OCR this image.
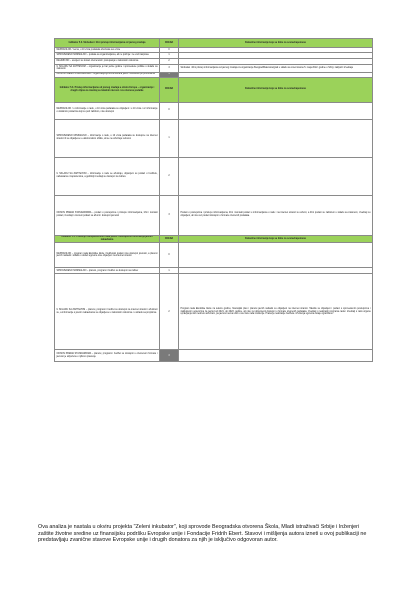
Indikator 5.3. Sloboden i lični pristup informacijama od javnog značaja	OCENA	Dokazi/ne informacije koje su bitne za ocenu/napomene
NEPRAVILNO / nema, u 10 vrsta podataka obuhvata sve vrste	0	
SPROVEDENO MINIMALNO – poslata sa organizacijama, ali ne počinje i ne vodi rasprave	1	
DELIMIČNO – usvojeni su koraci otvorenosti i postupanja u zakonskim rokovima	2	
U SKLADU SA ZAHTEVOM – organizacije je bar jedne godine i sprovedene politike u skladu sa zakonom	3	Slobodan i lični pristup informacijama od javnog značaja za organizacije Beograd/Rakovica/grad u skladu sa smernicama 5. maja 2022. godine u Srbiji, zaključci izveštaja
ODNOS PREMA STANDARDIMA – organizacija je komunicirana javno i slobodna po procenama	4	
Indikator 5.3. Pristup informacijama od javnog značaja u okviru Evrope – organizacije i drugih ciljeva za izveštaj sa lokalnim nivoom i za otvorene podatke	OCENA	Dokazi/ne informacije koje su bitne za ocenu/napomene
NEPRAVILNO / u informacije o radu, u 10 vrsta podataka su objavljeni i u 10 vrsta i uz informacije o dodatnim podacima koji su pod zaštitom, nisu dostupni	0	
SPROVEDENO MINIMALNO – informacije o radu, u 10 vrsta podataka su dostupne na internet stranici ili su objavljene u elektronskom obliku, ali se ne ažuriraju redovno	1	
U SKLADU SA ZAHTEVOM – informacije o radu se ažuriraju, objavljeni su podaci o budžetu, nabavkama i zaposlenima, a godišnji izveštaji su dostupni na zahtev	2	
ODNOS PREMA STANDARDIMA – podaci o postupcima i pristupu informacijama, lični i kontakt podaci, izveštaji i otvoreni podaci su ažurni i dostupni javnosti	3	Podaci o postupcima i pristupu informacijama, lični i kontakt podaci u informacijama o radu i na internet stranici su ažurni, a lični podaci su zaštićeni u skladu sa zakonom, izveštaji su objavljeni, ali nisu svi podaci dostupni u formatu otvorenih podataka.
Indikator 5.4. Praćenje transparentnosti rada javnih i dostupnost informacija javnim nabavkama	OCENA	Dokazi/ne informacije koje su bitne za ocenu/napomene
NEPRAVILNO – program rada Ekološke škole i budžetski podaci nisu dostupni javnosti, a planovi javnih nabavki i odluke o dodeli ugovora nisu objavljeni na internet stranici	0	
SPROVEDENO MINIMALNO – planovi, programi i budžet su dostupni na zahtev	1	
U SKLADU SA ZAHTEVOM – planovi, programi i budžet su dostupni na internet stranici i ažurirani su, a informacije o javnim nabavkama su objavljene u zakonskim rokovima i u skladu sa propisima	2	Program rada Ekološke škole za tekuću godinu, finansijski plan i planovi javnih nabavki su objavljeni na internet stranici. Takođe su objavljeni i podaci o sprovedenim postupcima i zaključenim ugovorima za period od 2021. do 2023. godine, ali nisu svi dokumenti dostupni u formatu otvorenih podataka. Izveštaji o realizaciji programa rada i izveštaji o radu organa upravljanja nisu redovno ažurirani, pa javnost nema uvid u sve faze rada institucije. Praćenje realizacije budžeta i izvršenja ugovora ostaje ograničeno.
ODNOS PREMA STANDARDIMA – planovi, programi i budžet su dostupni u otvorenom formatu i javnost je uključena u njihovo praćenje	3	
Ova analiza je nastala u okviru projekta "Zeleni inkubator", koji sprovode Beogradska otvorena Škola, Mladi istraživači Srbije i Inženjeri zaštite životne sredine uz finansijsku podršku Evropske unije i Fondacije Fridrih Ebert. Stavovi i mišljenja autora izneti u ovoj publikaciji ne predstavljaju zvanične stavove Evropske unije i drugih donatora za njih je isključivo odgovoran autor.
